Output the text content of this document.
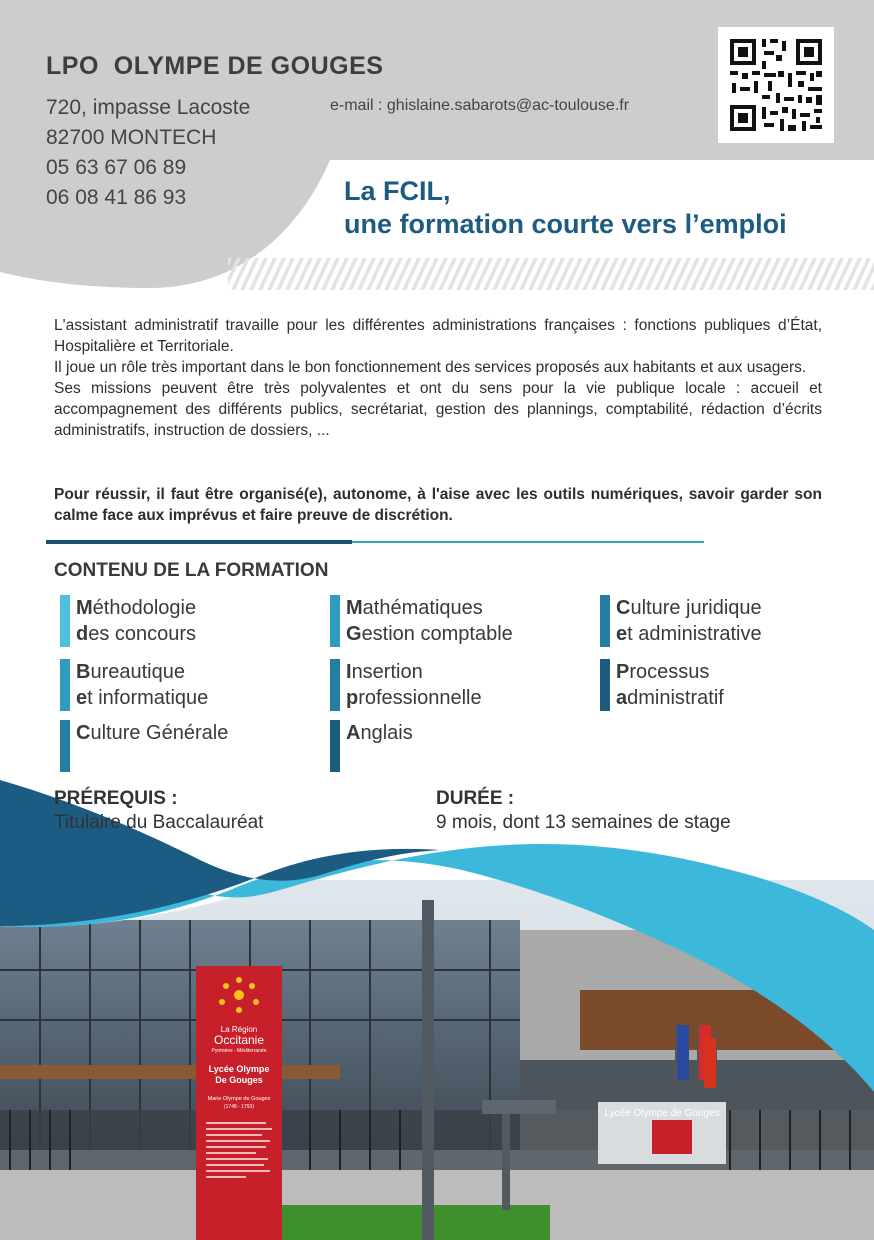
LPO  OLYMPE DE GOUGES
720, impasse Lacoste
82700 MONTECH
05 63 67 06 89
06 08 41 86 93
e-mail : ghislaine.sabarots@ac-toulouse.fr
La FCIL,
une formation courte vers l’emploi

L'assistant administratif travaille pour les différentes administrations françaises : fonctions publiques d’État, Hospitalière et Territoriale.

Il joue un rôle très important dans le bon fonctionnement des services proposés aux habitants et aux usagers.

Ses missions peuvent être très polyvalentes et ont du sens pour la vie publique locale : accueil et accompagnement des différents publics, secrétariat, gestion des plannings, comptabilité, rédaction d’écrits administratifs, instruction de dossiers, ...

Pour réussir, il faut être organisé(e), autonome, à l'aise avec les outils numériques, savoir garder son calme face aux imprévus et faire preuve de discrétion.
CONTENU DE LA FORMATION
Méthodologie
des concours
Mathématiques
Gestion comptable
Culture juridique
et administrative
Bureautique
et informatique
Insertion
professionnelle
Processus
administratif
Culture Générale	Anglais
La Région
Occitanie
Pyrénées - Méditerranée
Lycée Olympe
De Gouges
Marie Olympe de Gouges
(1748 - 1793)
Lycée Olympe de Gouges
PRÉREQUIS :
Titulaire du Baccalauréat
DURÉE :
9 mois, dont 13 semaines de stage
